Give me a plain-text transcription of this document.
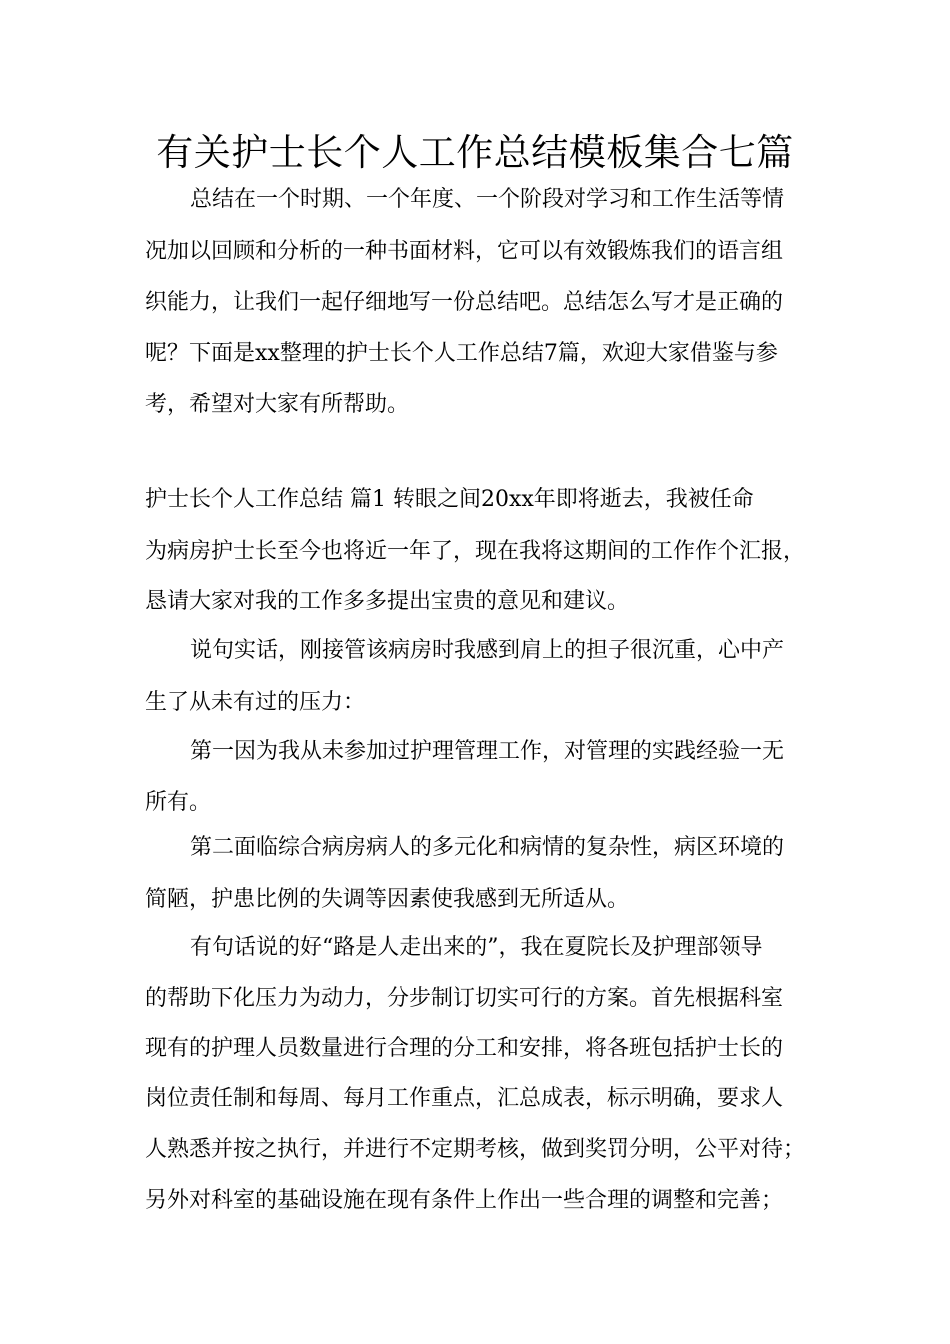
有关护士长个人工作总结模板集合七篇
总结在一个时期、一个年度、一个阶段对学习和工作生活等情
况加以回顾和分析的一种书面材料，它可以有效锻炼我们的语言组
织能力，让我们一起仔细地写一份总结吧。总结怎么写才是正确的
呢？下面是xx整理的护士长个人工作总结7篇，欢迎大家借鉴与参
考，希望对大家有所帮助。
护士长个人工作总结 篇1 转眼之间20xx年即将逝去，我被任命
为病房护士长至今也将近一年了，现在我将这期间的工作作个汇报，
恳请大家对我的工作多多提出宝贵的意见和建议。
说句实话，刚接管该病房时我感到肩上的担子很沉重，心中产
生了从未有过的压力：
第一因为我从未参加过护理管理工作，对管理的实践经验一无
所有。
第二面临综合病房病人的多元化和病情的复杂性，病区环境的
简陋，护患比例的失调等因素使我感到无所适从。
有句话说的好“路是人走出来的”，我在夏院长及护理部领导
的帮助下化压力为动力，分步制订切实可行的方案。首先根据科室
现有的护理人员数量进行合理的分工和安排，将各班包括护士长的
岗位责任制和每周、每月工作重点，汇总成表，标示明确，要求人
人熟悉并按之执行，并进行不定期考核，做到奖罚分明，公平对待；
另外对科室的基础设施在现有条件上作出一些合理的调整和完善；
